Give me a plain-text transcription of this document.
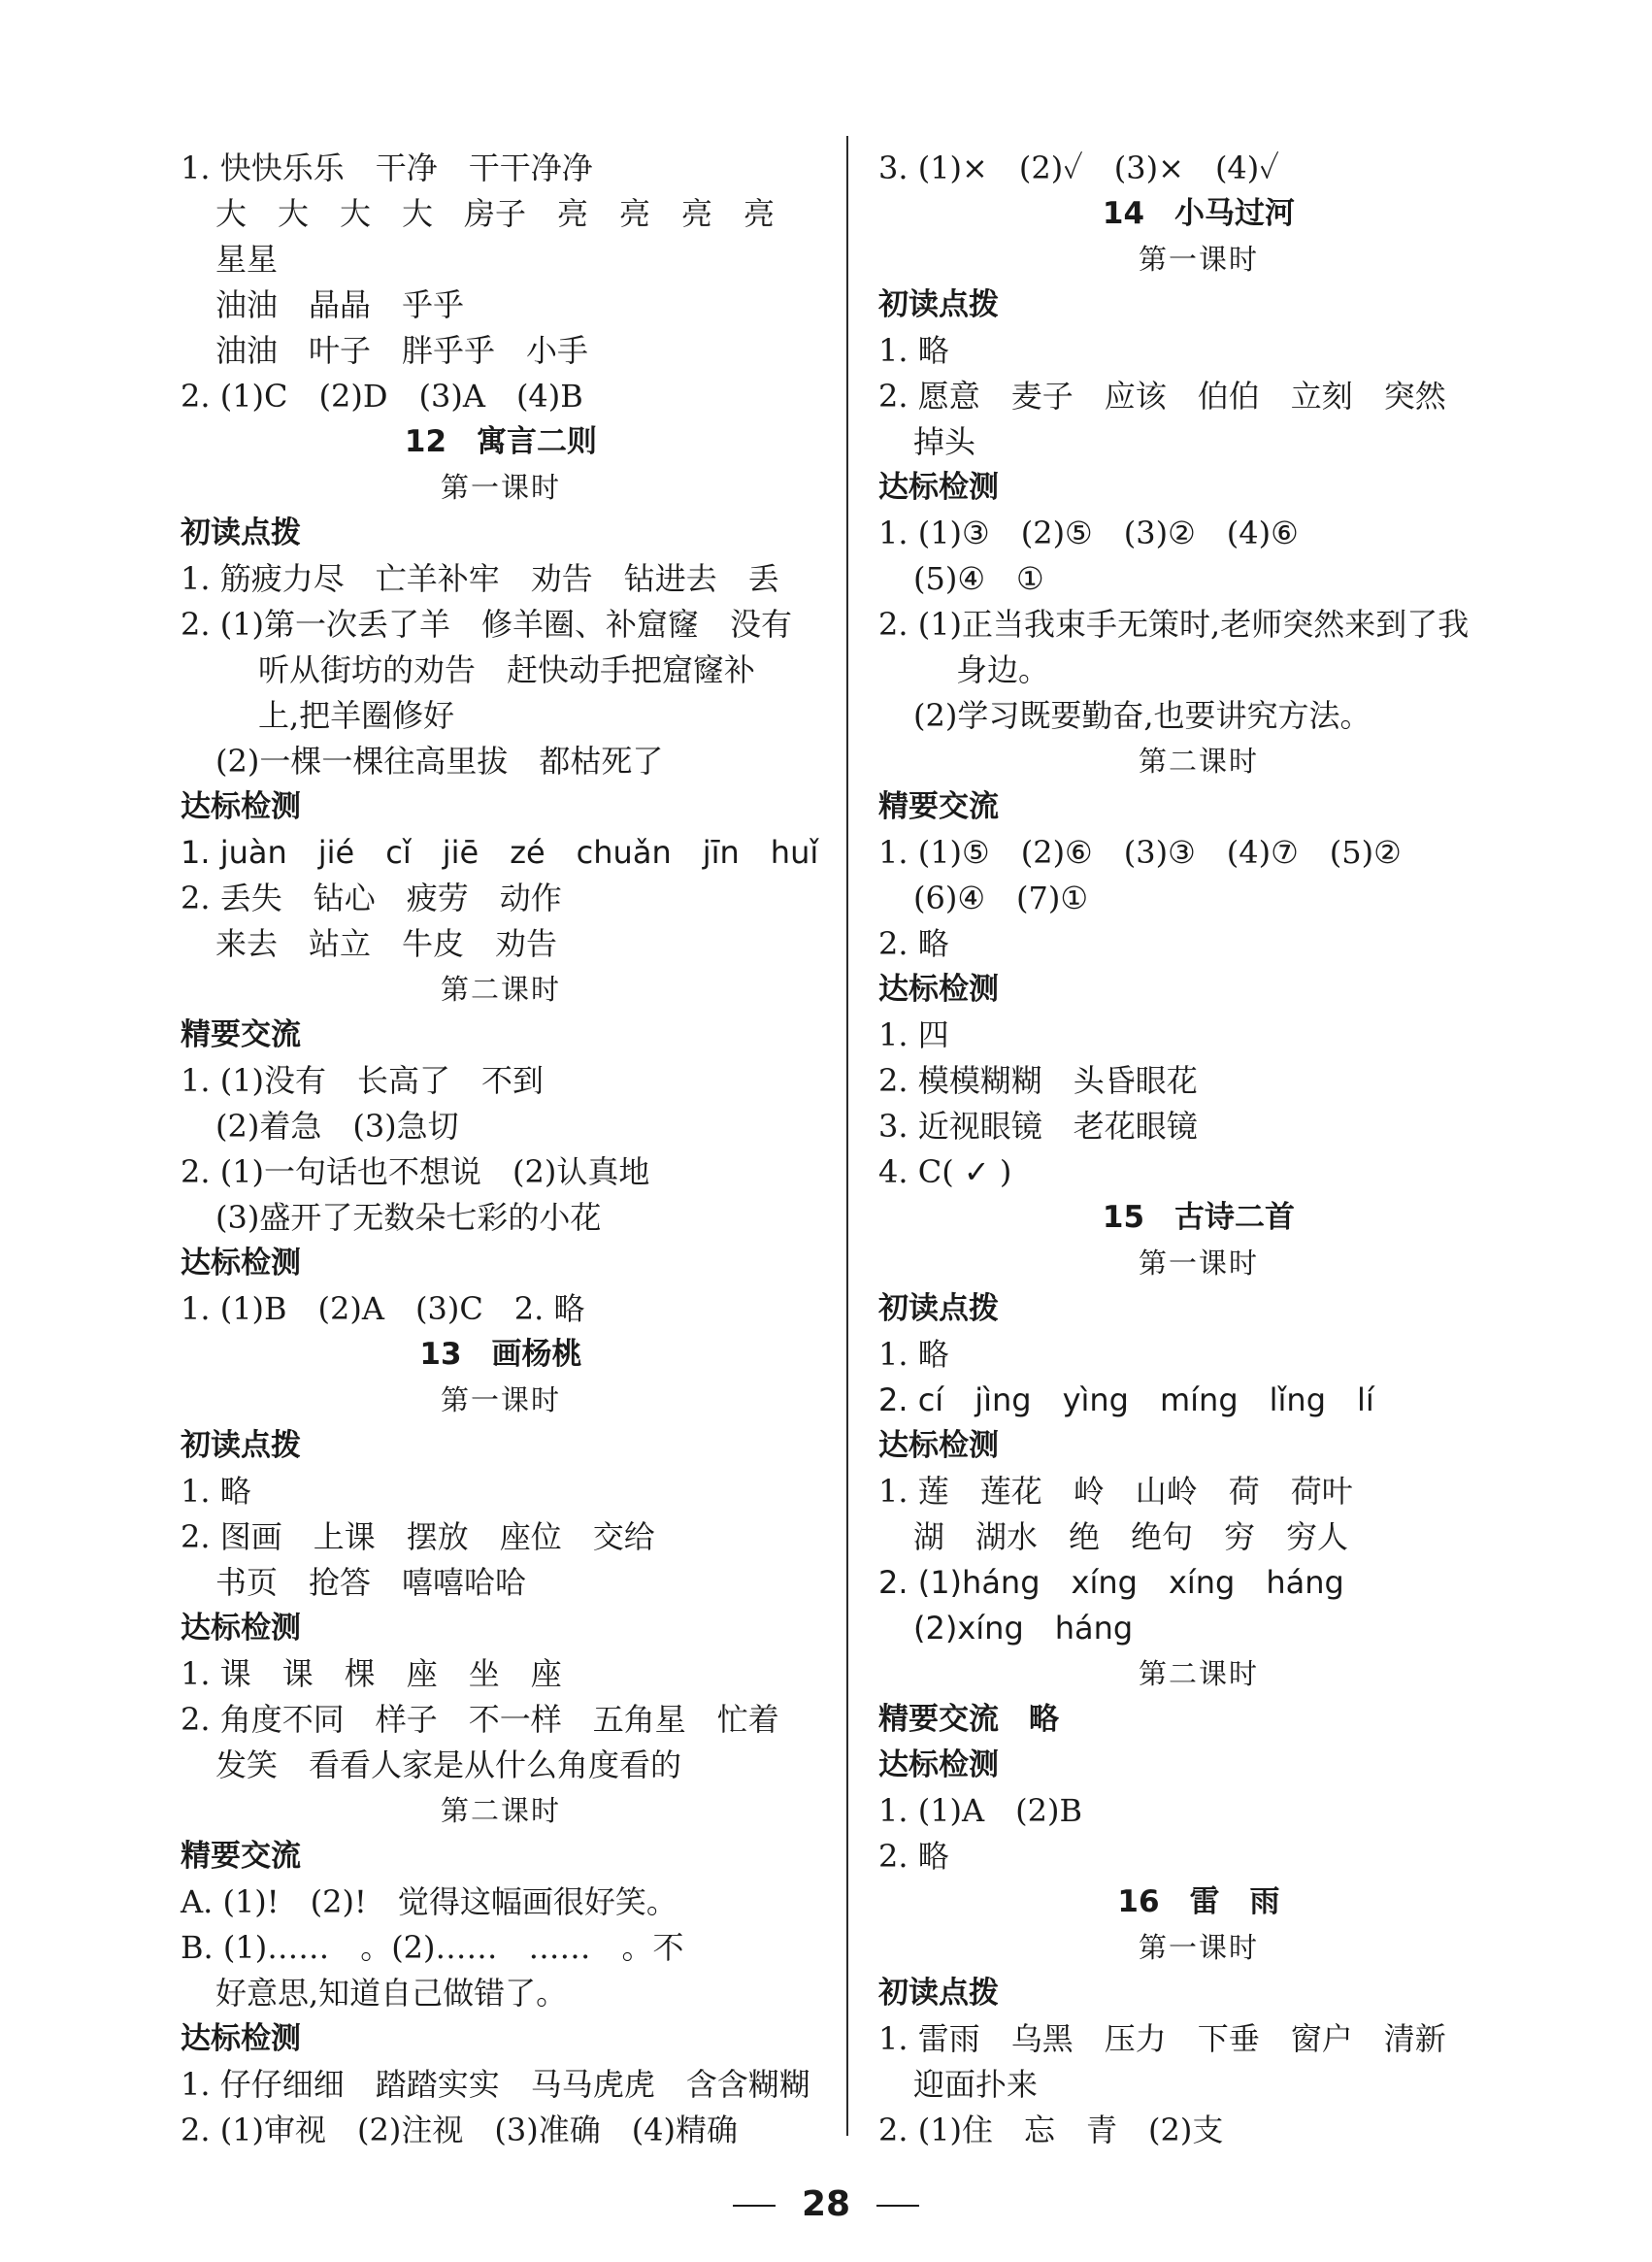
1. 快快乐乐　干净　干干净净
大　大　大　大　房子　亮　亮　亮　亮
星星
油油　晶晶　乎乎
油油　叶子　胖乎乎　小手
2. (1)C　(2)D　(3)A　(4)B
12　寓言二则
第一课时
初读点拨
1. 筋疲力尽　亡羊补牢　劝告　钻进去　丢
2. (1)第一次丢了羊　修羊圈、补窟窿　没有
听从街坊的劝告　赶快动手把窟窿补
上,把羊圈修好
(2)一棵一棵往高里拔　都枯死了
达标检测
1. juàn　jié　cǐ　jiē　zé　chuǎn　jīn　huǐ
2. 丢失　钻心　疲劳　动作
来去　站立　牛皮　劝告
第二课时
精要交流
1. (1)没有　长高了　不到
(2)着急　(3)急切
2. (1)一句话也不想说　(2)认真地
(3)盛开了无数朵七彩的小花
达标检测
1. (1)B　(2)A　(3)C　2. 略
13　画杨桃
第一课时
初读点拨
1. 略
2. 图画　上课　摆放　座位　交给
书页　抢答　嘻嘻哈哈
达标检测
1. 课　课　棵　座　坐　座
2. 角度不同　样子　不一样　五角星　忙着
发笑　看看人家是从什么角度看的
第二课时
精要交流
A. (1)!　(2)!　觉得这幅画很好笑。
B. (1)……　。(2)……　……　。不
好意思,知道自己做错了。
达标检测
1. 仔仔细细　踏踏实实　马马虎虎　含含糊糊
2. (1)审视　(2)注视　(3)准确　(4)精确
3. (1)×　(2)✓　(3)×　(4)✓
14　小马过河
第一课时
初读点拨
1. 略
2. 愿意　麦子　应该　伯伯　立刻　突然
掉头
达标检测
1. (1)③　(2)⑤　(3)②　(4)⑥
(5)④　①
2. (1)正当我束手无策时,老师突然来到了我
身边。
(2)学习既要勤奋,也要讲究方法。
第二课时
精要交流
1. (1)⑤　(2)⑥　(3)③　(4)⑦　(5)②
(6)④　(7)①
2. 略
达标检测
1. 四
2. 模模糊糊　头昏眼花
3. 近视眼镜　老花眼镜
4. C( ✓ )
15　古诗二首
第一课时
初读点拨
1. 略
2. cí　jìng　yìng　míng　lǐng　lí
达标检测
1. 莲　莲花　岭　山岭　荷　荷叶
湖　湖水　绝　绝句　穷　穷人
2. (1)háng　xíng　xíng　háng
(2)xíng　háng
第二课时
精要交流　略
达标检测
1. (1)A　(2)B
2. 略
16　雷　雨
第一课时
初读点拨
1. 雷雨　乌黑　压力　下垂　窗户　清新
迎面扑来
2. (1)住　忘　青　(2)支
28
